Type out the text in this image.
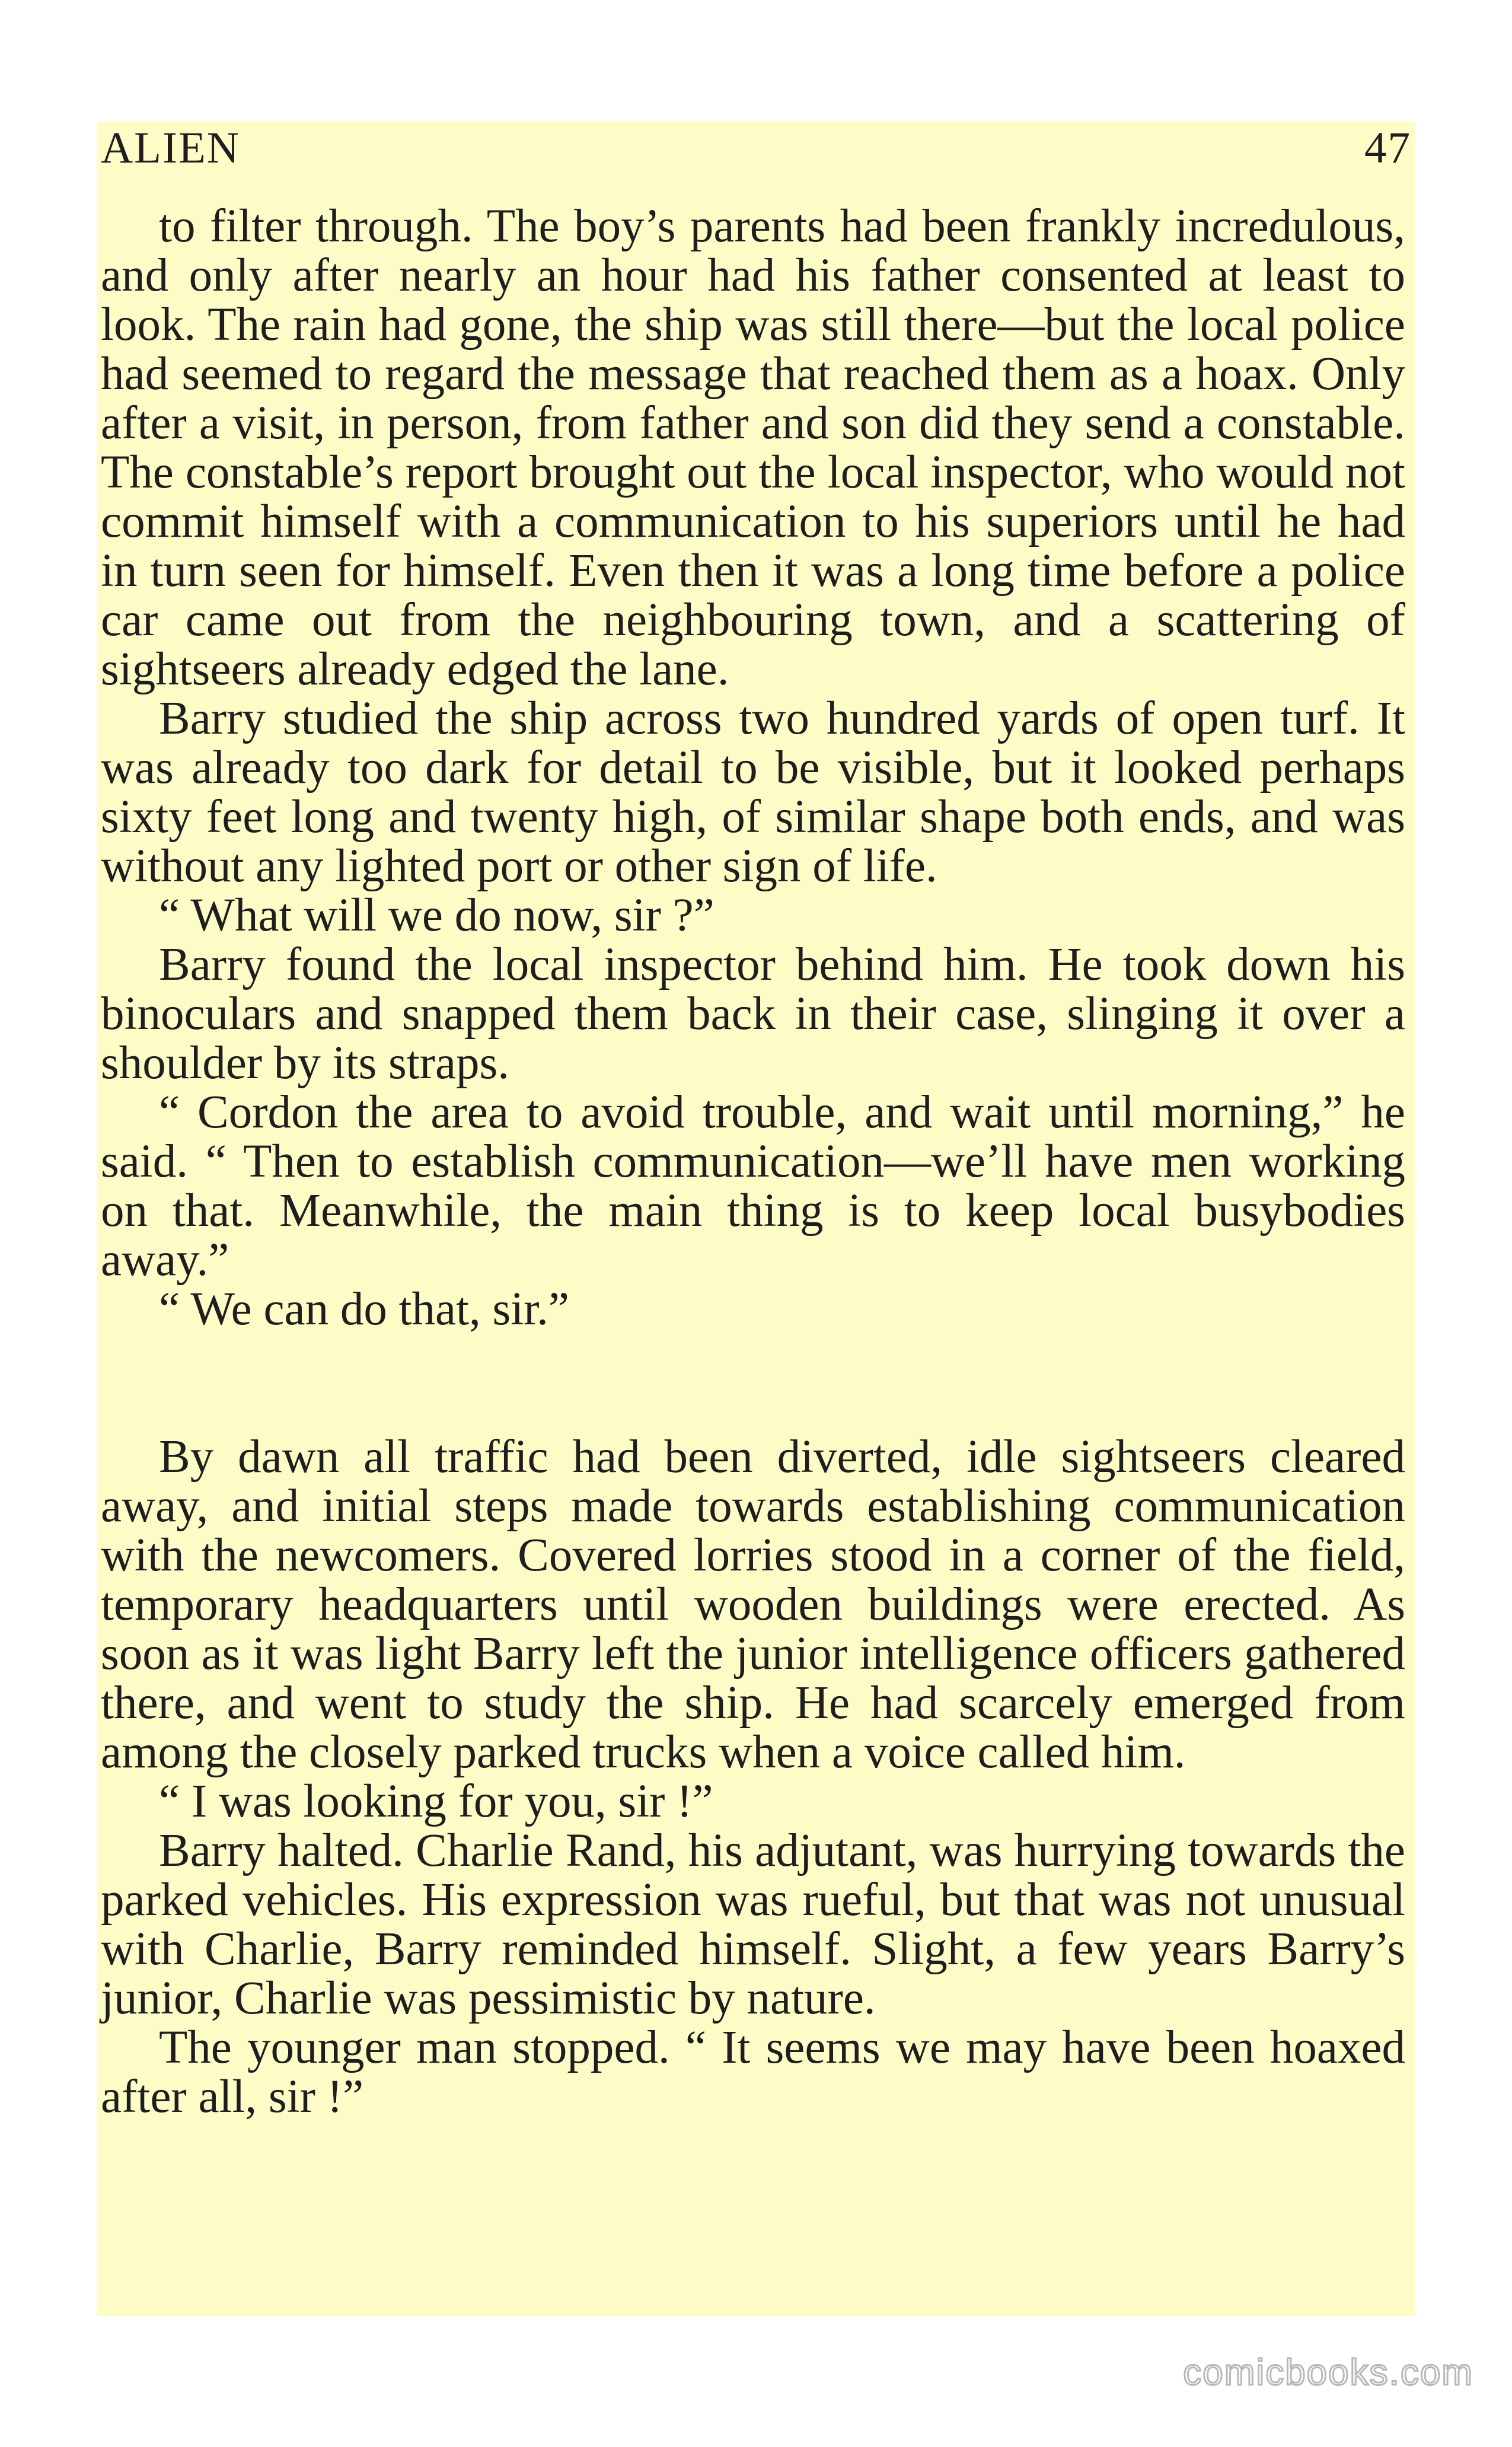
ALIEN	47

to filter through. The boy’s parents had been frankly incredulous, and only after nearly an hour had his father consented at least to look. The rain had gone, the ship was still there—but the local police had seemed to regard the message that reached them as a hoax. Only after a visit, in person, from father and son did they send a constable. The constable’s report brought out the local inspector, who would not commit himself with a communication to his superiors until he had in turn seen for himself. Even then it was a long time before a police car came out from the neighbouring town, and a scattering of sightseers already edged the lane.

Barry studied the ship across two hundred yards of open turf. It was already too dark for detail to be visible, but it looked perhaps sixty feet long and twenty high, of similar shape both ends, and was without any lighted port or other sign of life.

“ What will we do now, sir ?”

Barry found the local inspector behind him. He took down his binoculars and snapped them back in their case, slinging it over a shoulder by its straps.

“ Cordon the area to avoid trouble, and wait until morning,” he said. “ Then to establish communication—we’ll have men working on that. Meanwhile, the main thing is to keep local busybodies away.”

“ We can do that, sir.”

By dawn all traffic had been diverted, idle sightseers cleared away, and initial steps made towards establishing communication with the newcomers. Covered lorries stood in a corner of the field, temporary headquarters until wooden buildings were erected. As soon as it was light Barry left the junior intelligence officers gathered there, and went to study the ship. He had scarcely emerged from among the closely parked trucks when a voice called him.

“ I was looking for you, sir !”

Barry halted. Charlie Rand, his adjutant, was hurrying towards the parked vehicles. His expression was rueful, but that was not unusual with Charlie, Barry reminded himself. Slight, a few years Barry’s junior, Charlie was pessimistic by nature.

The younger man stopped. “ It seems we may have been hoaxed after all, sir !”

comicbooks.com
